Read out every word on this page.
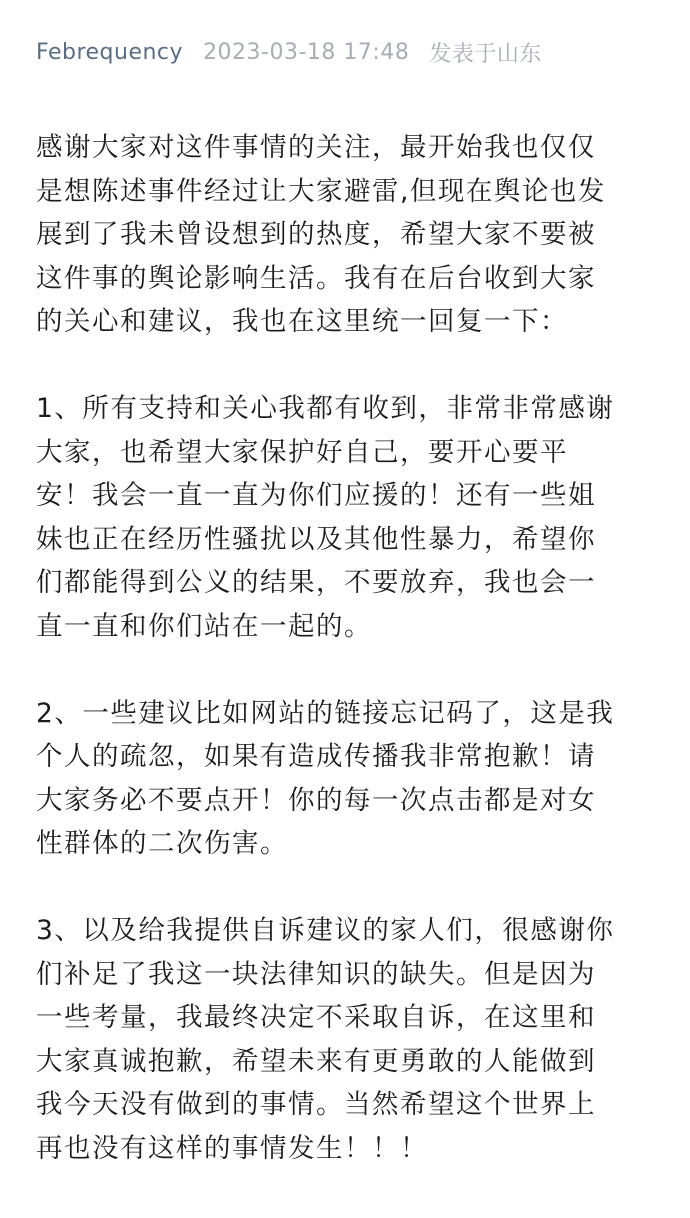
Febrequency 2023-03-18 17:48 发表于山东
感谢大家对这件事情的关注，最开始我也仅仅
是想陈述事件经过让大家避雷,但现在舆论也发
展到了我未曾设想到的热度，希望大家不要被
这件事的舆论影响生活。我有在后台收到大家
的关心和建议，我也在这里统一回复一下：
1、所有支持和关心我都有收到，非常非常感谢
大家，也希望大家保护好自己，要开心要平
安！我会一直一直为你们应援的！还有一些姐
妹也正在经历性骚扰以及其他性暴力，希望你
们都能得到公义的结果，不要放弃，我也会一
直一直和你们站在一起的。
2、一些建议比如网站的链接忘记码了，这是我
个人的疏忽，如果有造成传播我非常抱歉！请
大家务必不要点开！你的每一次点击都是对女
性群体的二次伤害。
3、以及给我提供自诉建议的家人们，很感谢你
们补足了我这一块法律知识的缺失。但是因为
一些考量，我最终决定不采取自诉，在这里和
大家真诚抱歉，希望未来有更勇敢的人能做到
我今天没有做到的事情。当然希望这个世界上
再也没有这样的事情发生！！！
